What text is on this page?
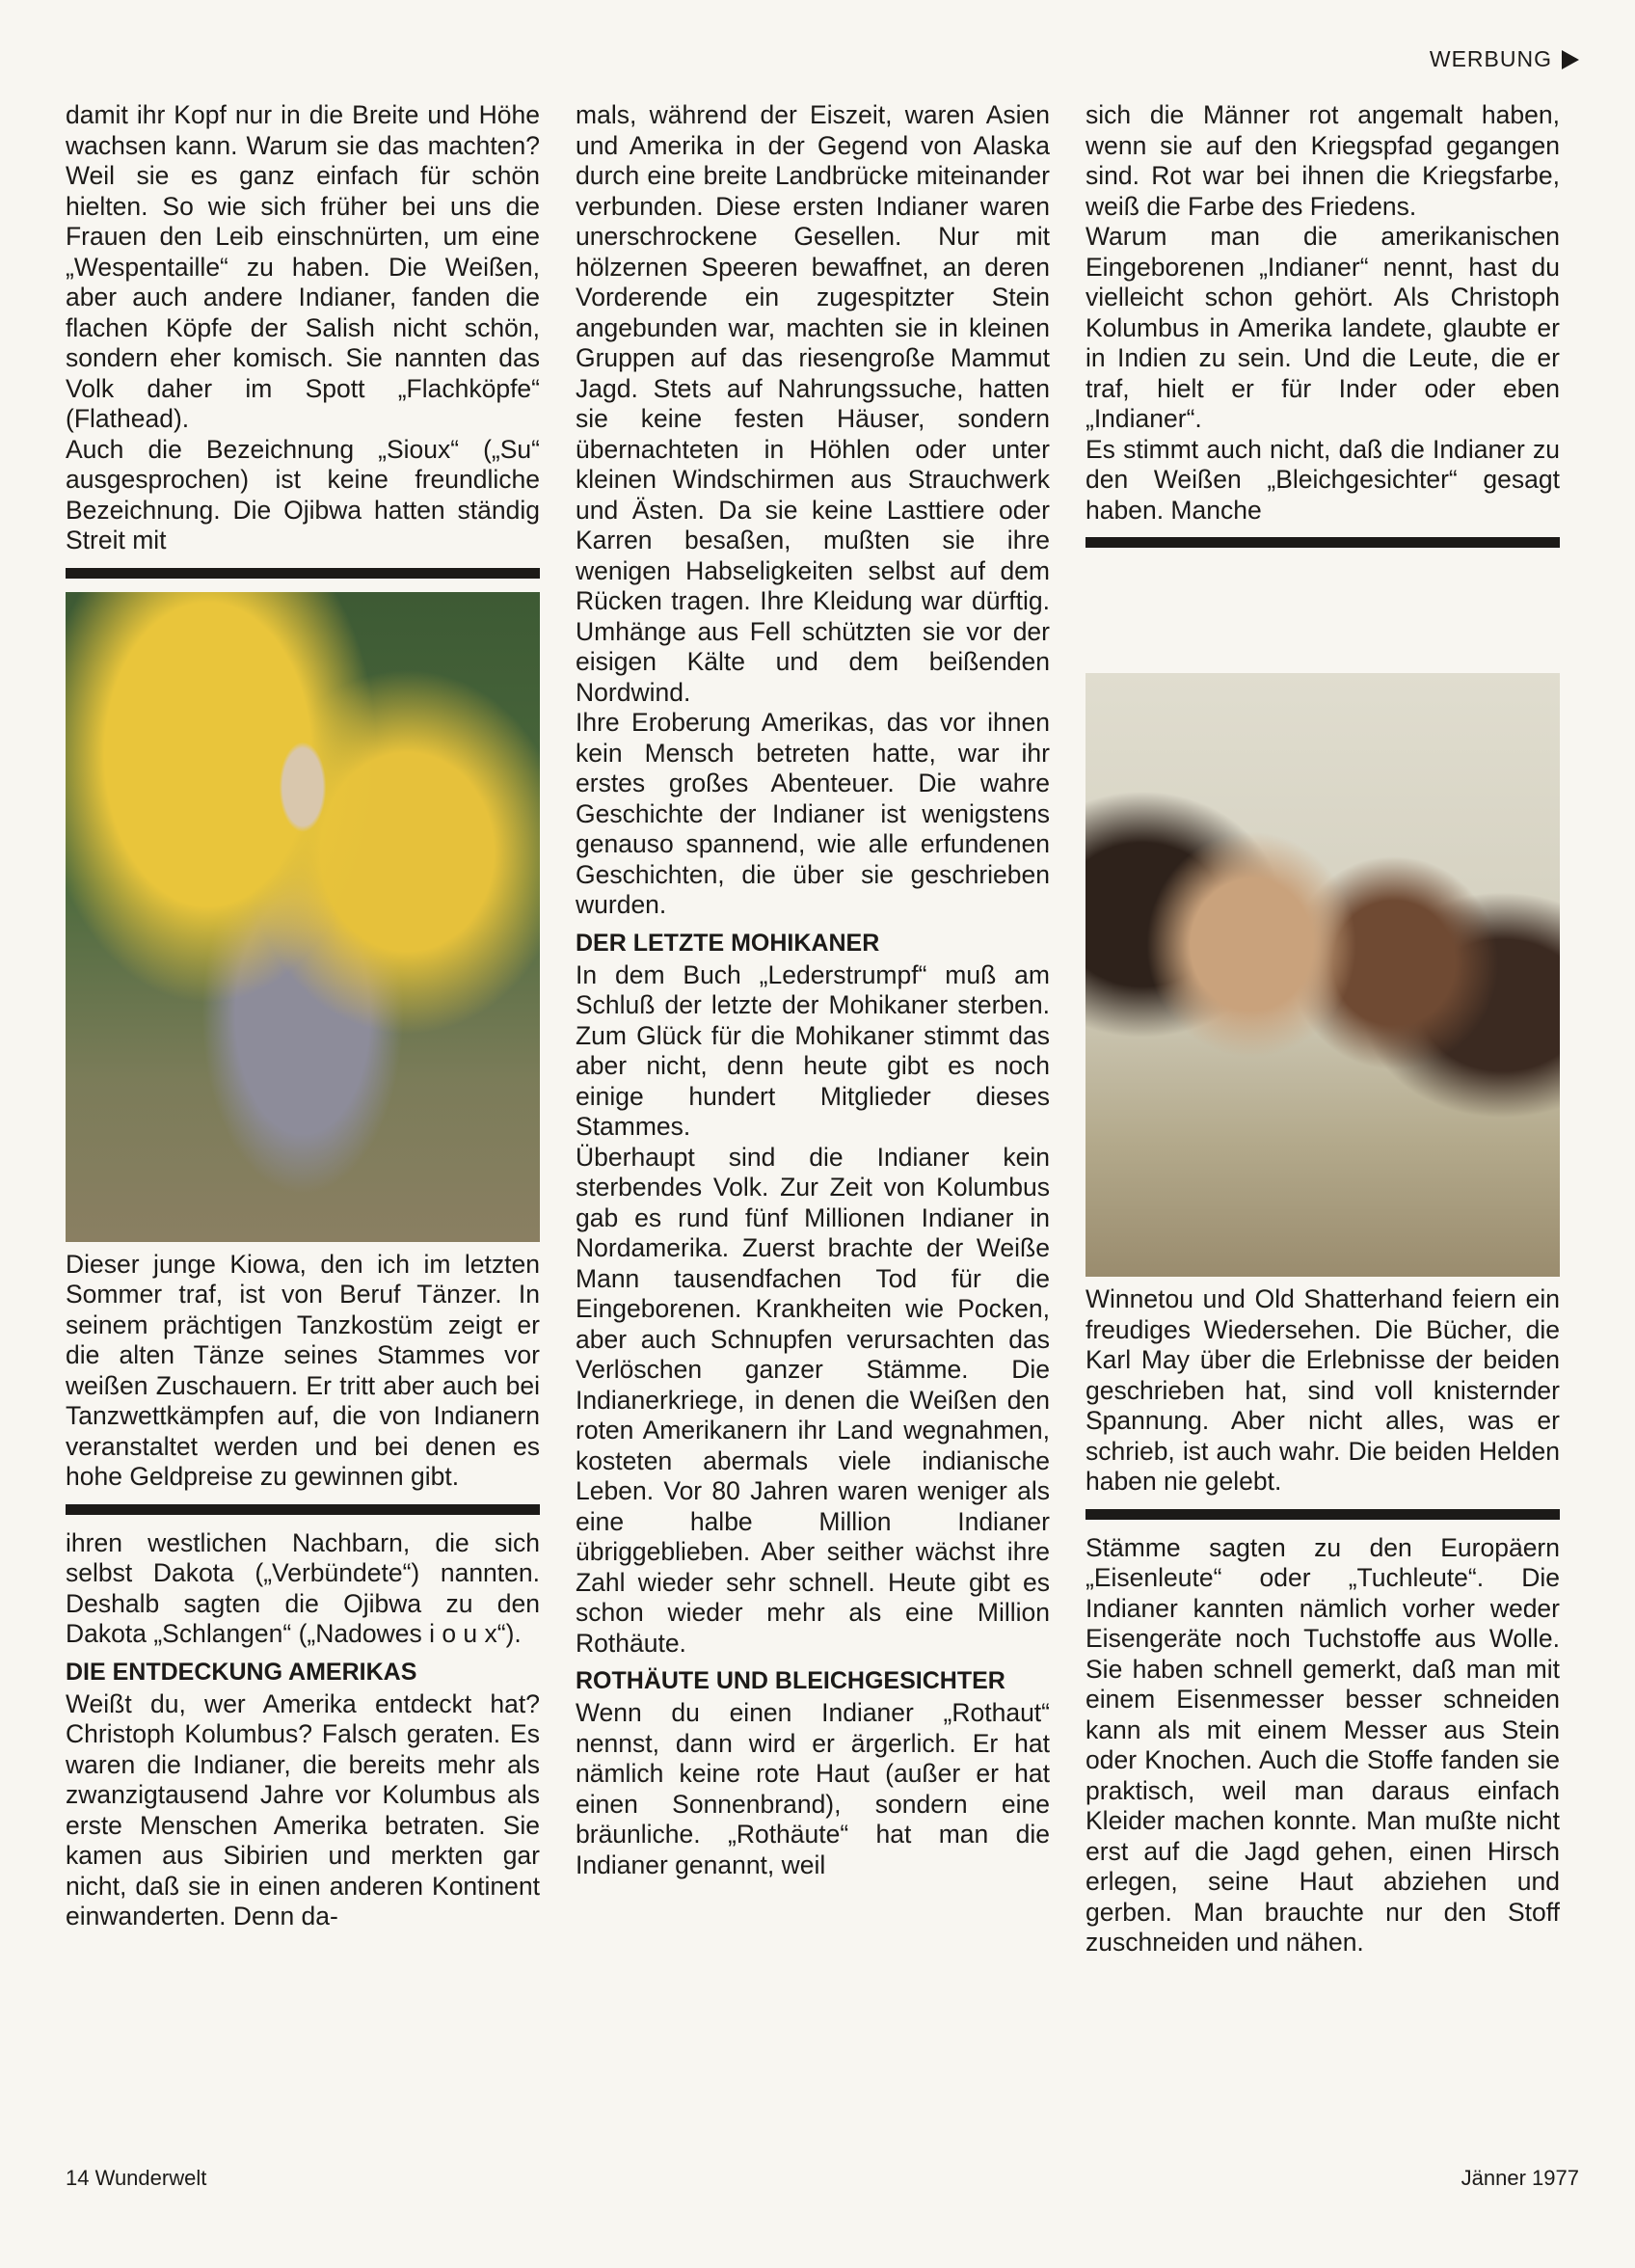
WERBUNG

damit ihr Kopf nur in die Breite und Höhe wachsen kann. Warum sie das machten? Weil sie es ganz einfach für schön hielten. So wie sich früher bei uns die Frauen den Leib einschnürten, um eine „Wespentaille“ zu haben. Die Weißen, aber auch andere Indianer, fanden die flachen Köpfe der Salish nicht schön, sondern eher komisch. Sie nannten das Volk daher im Spott „Flachköpfe“ (Flathead).

Auch die Bezeichnung „Sioux“ („Su“ ausgesprochen) ist keine freundliche Bezeichnung. Die Ojibwa hatten ständig Streit mit

Dieser junge Kiowa, den ich im letzten Sommer traf, ist von Beruf Tänzer. In seinem prächtigen Tanzkostüm zeigt er die alten Tänze seines Stammes vor weißen Zuschauern. Er tritt aber auch bei Tanzwettkämpfen auf, die von Indianern veranstaltet werden und bei denen es hohe Geldpreise zu gewinnen gibt.

ihren westlichen Nachbarn, die sich selbst Dakota („Verbündete“) nannten. Deshalb sagten die Ojibwa zu den Dakota „Schlangen“ („Nadowes i o u x“).

DIE ENTDECKUNG AMERIKAS

Weißt du, wer Amerika entdeckt hat? Christoph Kolumbus? Falsch geraten. Es waren die Indianer, die bereits mehr als zwanzigtausend Jahre vor Kolumbus als erste Menschen Amerika betraten. Sie kamen aus Sibirien und merkten gar nicht, daß sie in einen anderen Kontinent einwanderten. Denn da-

mals, während der Eiszeit, waren Asien und Amerika in der Gegend von Alaska durch eine breite Landbrücke miteinander verbunden. Diese ersten Indianer waren unerschrockene Gesellen. Nur mit hölzernen Speeren bewaffnet, an deren Vorderende ein zugespitzter Stein angebunden war, machten sie in kleinen Gruppen auf das riesengroße Mammut Jagd. Stets auf Nahrungssuche, hatten sie keine festen Häuser, sondern übernachteten in Höhlen oder unter kleinen Windschirmen aus Strauchwerk und Ästen. Da sie keine Lasttiere oder Karren besaßen, mußten sie ihre wenigen Habseligkeiten selbst auf dem Rücken tragen. Ihre Kleidung war dürftig. Umhänge aus Fell schützten sie vor der eisigen Kälte und dem beißenden Nordwind.

Ihre Eroberung Amerikas, das vor ihnen kein Mensch betreten hatte, war ihr erstes großes Abenteuer. Die wahre Geschichte der Indianer ist wenigstens genauso spannend, wie alle erfundenen Geschichten, die über sie geschrieben wurden.

DER LETZTE MOHIKANER

In dem Buch „Lederstrumpf“ muß am Schluß der letzte der Mohikaner sterben. Zum Glück für die Mohikaner stimmt das aber nicht, denn heute gibt es noch einige hundert Mitglieder dieses Stammes.

Überhaupt sind die Indianer kein sterbendes Volk. Zur Zeit von Kolumbus gab es rund fünf Millionen Indianer in Nordamerika. Zuerst brachte der Weiße Mann tausendfachen Tod für die Eingeborenen. Krankheiten wie Pocken, aber auch Schnupfen verursachten das Verlöschen ganzer Stämme. Die Indianerkriege, in denen die Weißen den roten Amerikanern ihr Land wegnahmen, kosteten abermals viele indianische Leben. Vor 80 Jahren waren weniger als eine halbe Million Indianer übriggeblieben. Aber seither wächst ihre Zahl wieder sehr schnell. Heute gibt es schon wieder mehr als eine Million Rothäute.

ROTHÄUTE UND BLEICHGESICHTER

Wenn du einen Indianer „Rothaut“ nennst, dann wird er ärgerlich. Er hat nämlich keine rote Haut (außer er hat einen Sonnenbrand), sondern eine bräunliche. „Rothäute“ hat man die Indianer genannt, weil

sich die Männer rot angemalt haben, wenn sie auf den Kriegspfad gegangen sind. Rot war bei ihnen die Kriegsfarbe, weiß die Farbe des Friedens.

Warum man die amerikanischen Eingeborenen „Indianer“ nennt, hast du vielleicht schon gehört. Als Christoph Kolumbus in Amerika landete, glaubte er in Indien zu sein. Und die Leute, die er traf, hielt er für Inder oder eben „Indianer“.

Es stimmt auch nicht, daß die Indianer zu den Weißen „Bleichgesichter“ gesagt haben. Manche

Winnetou und Old Shatterhand feiern ein freudiges Wiedersehen. Die Bücher, die Karl May über die Erlebnisse der beiden geschrieben hat, sind voll knisternder Spannung. Aber nicht alles, was er schrieb, ist auch wahr. Die beiden Helden haben nie gelebt.

Stämme sagten zu den Europäern „Eisenleute“ oder „Tuchleute“. Die Indianer kannten nämlich vorher weder Eisengeräte noch Tuchstoffe aus Wolle. Sie haben schnell gemerkt, daß man mit einem Eisenmesser besser schneiden kann als mit einem Messer aus Stein oder Knochen. Auch die Stoffe fanden sie praktisch, weil man daraus einfach Kleider machen konnte. Man mußte nicht erst auf die Jagd gehen, einen Hirsch erlegen, seine Haut abziehen und gerben. Man brauchte nur den Stoff zuschneiden und nähen.

14 Wunderwelt	Jänner 1977
